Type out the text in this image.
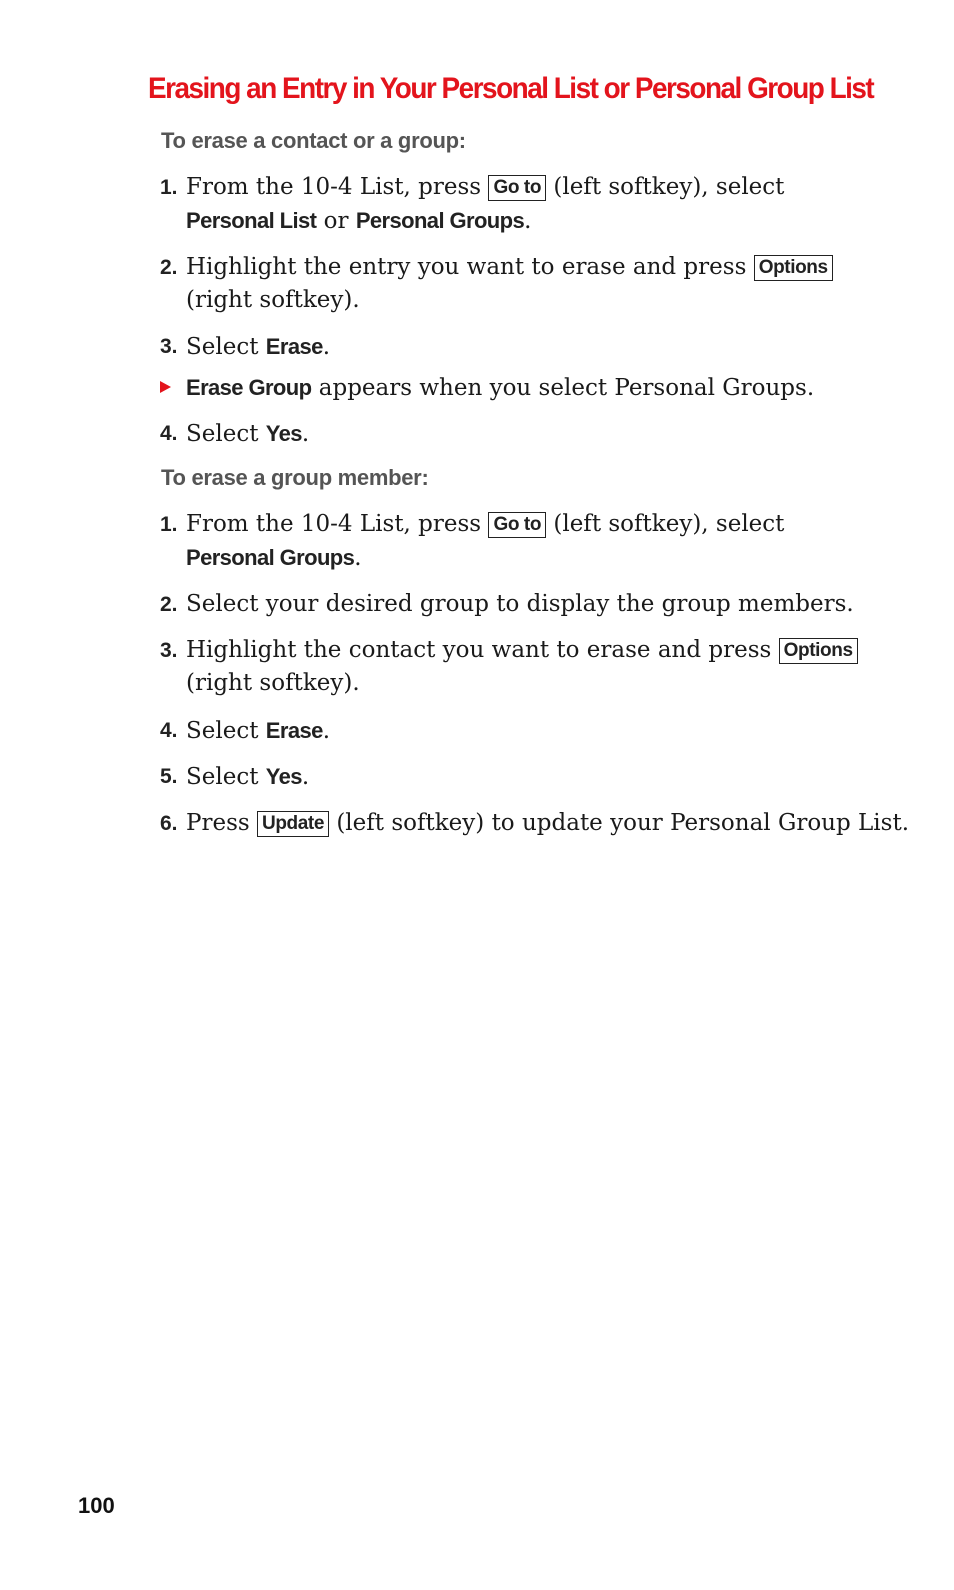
Erasing an Entry in Your Personal List or Personal Group List
To erase a contact or a group:
1. From the 10-4 List, press Go to (left softkey), select
Personal List or Personal Groups.
2. Highlight the entry you want to erase and press Options (right softkey).
3. Select Erase.
Erase Group appears when you select Personal Groups.
4. Select Yes.
To erase a group member:
1. From the 10-4 List, press Go to (left softkey), select
Personal Groups.
2. Select your desired group to display the group members.
3. Highlight the contact you want to erase and press Options
(right softkey).
4. Select Erase.
5. Select Yes.
6. Press Update (left softkey) to update your Personal Group List.
100
